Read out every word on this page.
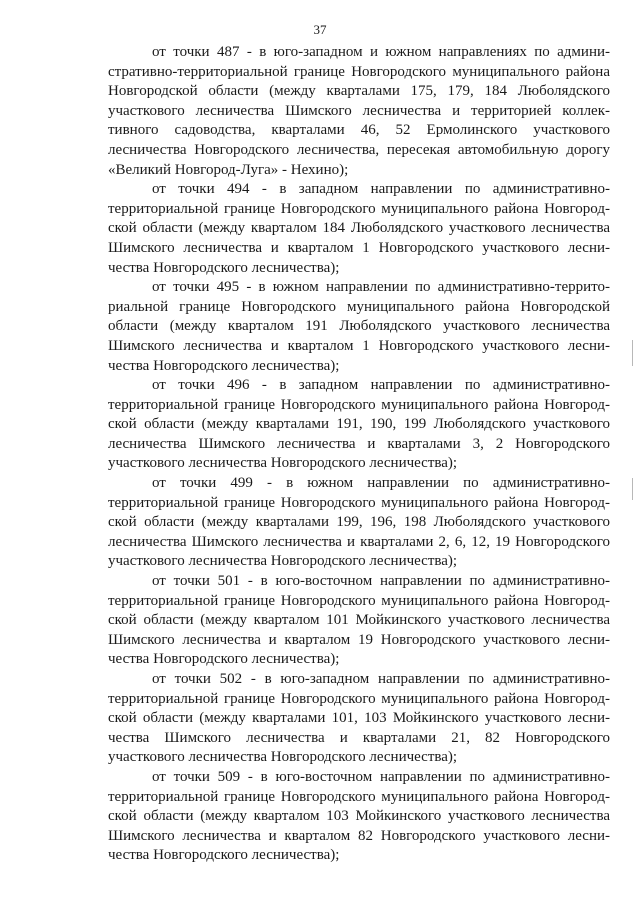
37

от точки 487 - в юго-западном и южном направлениях по административно-территориальной границе Новгородского муниципального района Новгородской области (между кварталами 175, 179, 184 Люболядского участкового лесничества Шимского лесничества и территорией коллективного садоводства, кварталами 46, 52 Ермолинского участкового лесничества Новгородского лесничества, пересекая автомобильную дорогу «Великий Новгород-Луга» - Нехино);

от точки 494 - в западном направлении по административнотерриториальной границе Новгородского муниципального района Новгородской области (между кварталом 184 Люболядского участкового лесничества Шимского лесничества и кварталом 1 Новгородского участкового лесничества Новгородского лесничества);

от точки 495 - в южном направлении по административно-территориальной границе Новгородского муниципального района Новгородской области (между кварталом 191 Люболядского участкового лесничества Шимского лесничества и кварталом 1 Новгородского участкового лесничества Новгородского лесничества);

от точки 496 - в западном направлении по административнотерриториальной границе Новгородского муниципального района Новгородской области (между кварталами 191, 190, 199 Люболядского участкового лесничества Шимского лесничества и кварталами 3, 2 Новгородского участкового лесничества Новгородского лесничества);

от точки 499 - в южном направлении по административнотерриториальной границе Новгородского муниципального района Новгородской области (между кварталами 199, 196, 198 Люболядского участкового лесничества Шимского лесничества и кварталами 2, 6, 12, 19 Новгородского участкового лесничества Новгородского лесничества);

от точки 501 - в юго-восточном направлении по административнотерриториальной границе Новгородского муниципального района Новгородской области (между кварталом 101 Мойкинского участкового лесничества Шимского лесничества и кварталом 19 Новгородского участкового лесничества Новгородского лесничества);

от точки 502 - в юго-западном направлении по административнотерриториальной границе Новгородского муниципального района Новгородской области (между кварталами 101, 103 Мойкинского участкового лесничества Шимского лесничества и кварталами 21, 82 Новгородского участкового лесничества Новгородского лесничества);

от точки 509 - в юго-восточном направлении по административнотерриториальной границе Новгородского муниципального района Новгородской области (между кварталом 103 Мойкинского участкового лесничества Шимского лесничества и кварталом 82 Новгородского участкового лесничества Новгородского лесничества);
